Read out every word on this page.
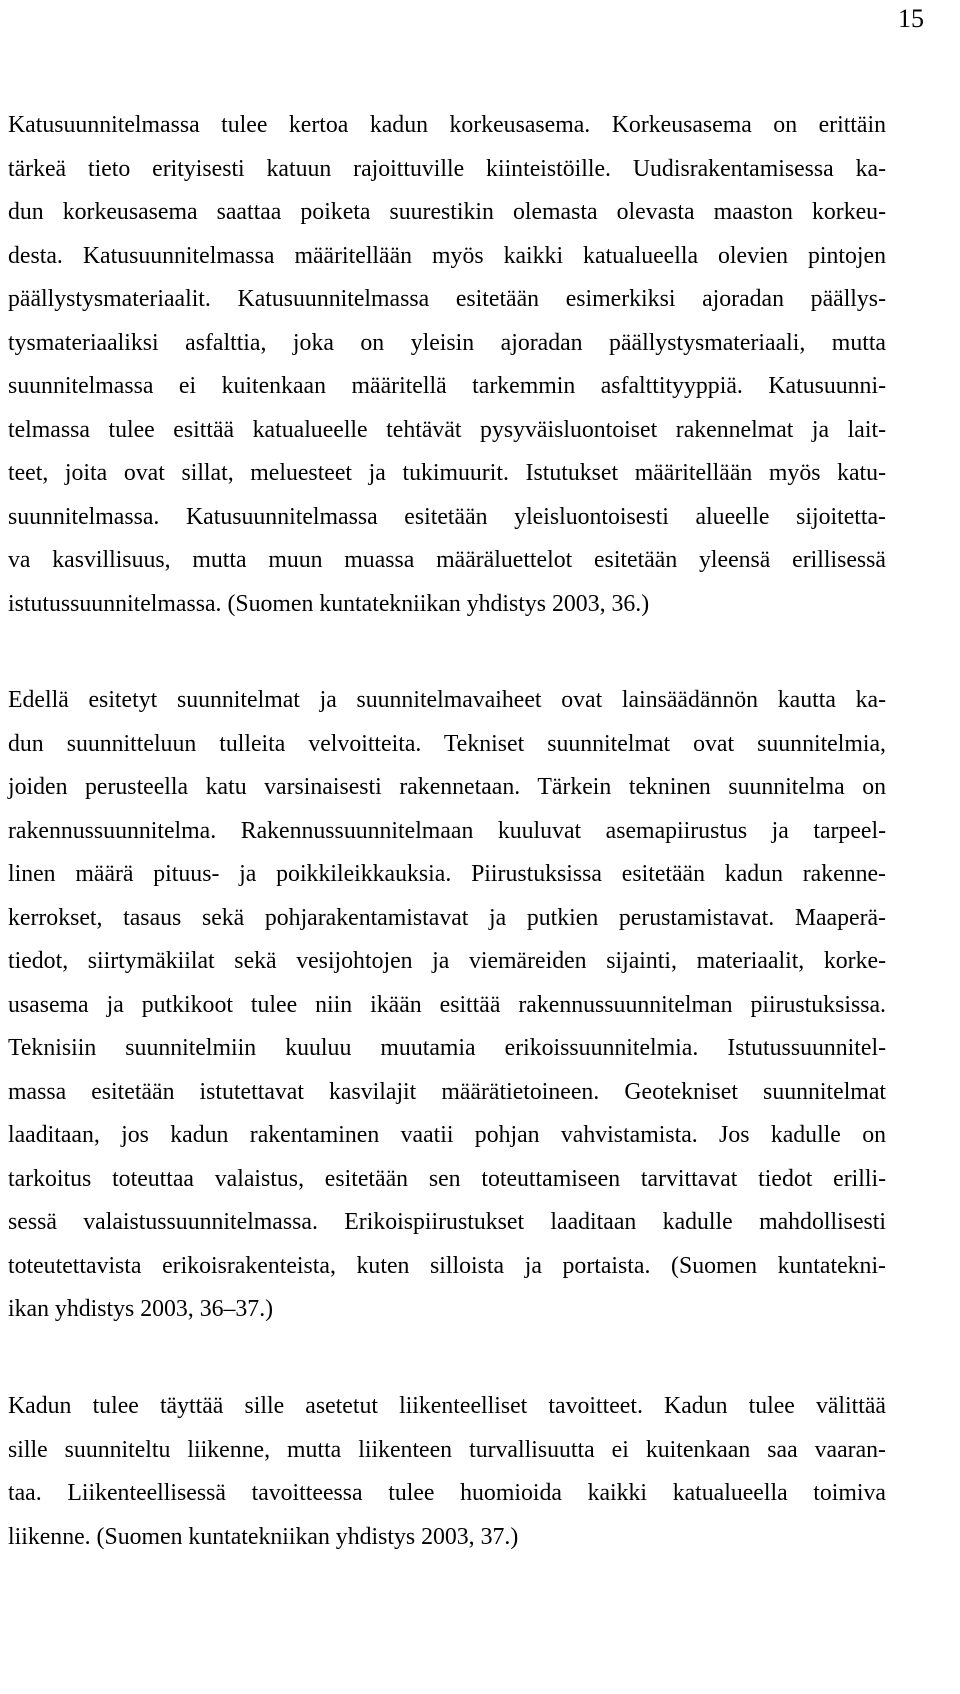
15
Katusuunnitelmassa tulee kertoa kadun korkeusasema. Korkeusasema on erittäin
tärkeä tieto erityisesti katuun rajoittuville kiinteistöille. Uudisrakentamisessa ka-
dun korkeusasema saattaa poiketa suurestikin olemasta olevasta maaston korkeu-
desta. Katusuunnitelmassa määritellään myös kaikki katualueella olevien pintojen
päällystysmateriaalit. Katusuunnitelmassa esitetään esimerkiksi ajoradan päällys-
tysmateriaaliksi asfalttia, joka on yleisin ajoradan päällystysmateriaali, mutta
suunnitelmassa ei kuitenkaan määritellä tarkemmin asfalttityyppiä. Katusuunni-
telmassa tulee esittää katualueelle tehtävät pysyväisluontoiset rakennelmat ja lait-
teet, joita ovat sillat, meluesteet ja tukimuurit. Istutukset määritellään myös katu-
suunnitelmassa. Katusuunnitelmassa esitetään yleisluontoisesti alueelle sijoitetta-
va kasvillisuus, mutta muun muassa määräluettelot esitetään yleensä erillisessä
istutussuunnitelmassa. (Suomen kuntatekniikan yhdistys 2003, 36.)
Edellä esitetyt suunnitelmat ja suunnitelmavaiheet ovat lainsäädännön kautta ka-
dun suunnitteluun tulleita velvoitteita. Tekniset suunnitelmat ovat suunnitelmia,
joiden perusteella katu varsinaisesti rakennetaan. Tärkein tekninen suunnitelma on
rakennussuunnitelma. Rakennussuunnitelmaan kuuluvat asemapiirustus ja tarpeel-
linen määrä pituus- ja poikkileikkauksia. Piirustuksissa esitetään kadun rakenne-
kerrokset, tasaus sekä pohjarakentamistavat ja putkien perustamistavat. Maaperä-
tiedot, siirtymäkiilat sekä vesijohtojen ja viemäreiden sijainti, materiaalit, korke-
usasema ja putkikoot tulee niin ikään esittää rakennussuunnitelman piirustuksissa.
Teknisiin suunnitelmiin kuuluu muutamia erikoissuunnitelmia. Istutussuunnitel-
massa esitetään istutettavat kasvilajit määrätietoineen. Geotekniset suunnitelmat
laaditaan, jos kadun rakentaminen vaatii pohjan vahvistamista. Jos kadulle on
tarkoitus toteuttaa valaistus, esitetään sen toteuttamiseen tarvittavat tiedot erilli-
sessä valaistussuunnitelmassa. Erikoispiirustukset laaditaan kadulle mahdollisesti
toteutettavista erikoisrakenteista, kuten silloista ja portaista. (Suomen kuntatekni-
ikan yhdistys 2003, 36–37.)
Kadun tulee täyttää sille asetetut liikenteelliset tavoitteet. Kadun tulee välittää
sille suunniteltu liikenne, mutta liikenteen turvallisuutta ei kuitenkaan saa vaaran-
taa. Liikenteellisessä tavoitteessa tulee huomioida kaikki katualueella toimiva
liikenne. (Suomen kuntatekniikan yhdistys 2003, 37.)
